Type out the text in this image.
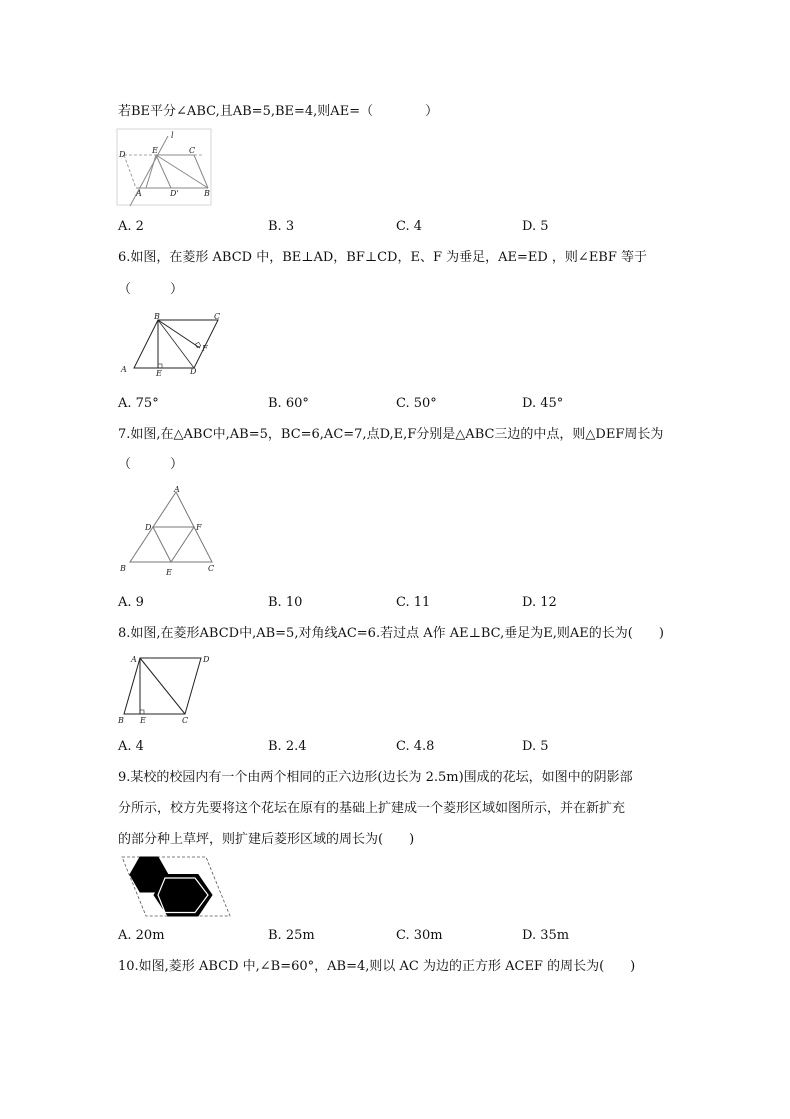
若BE平分∠ABC,且AB=5,BE=4,则AE=（　　　　）
D	E
l
C
A	D'	B
A. 2	B. 3	C. 4	D. 5
6.如图，在菱形 ABCD 中，BE⊥AD，BF⊥CD，E、F 为垂足，AE=ED ，则∠EBF 等于
（　　　）
B	C
F
A	E	D
A. 75°	B. 60°	C. 50°	D. 45°
7.如图,在△ABC中,AB=5，BC=6,AC=7,点D,E,F分别是△ABC三边的中点，则△DEF周长为
（　　　）
A
D	F
B	E	C
A. 9	B. 10	C. 11	D. 12
8.如图,在菱形ABCD中,AB=5,对角线AC=6.若过点 A作 AE⊥BC,垂足为E,则AE的长为(　　)
A	D
B E	C
A. 4	B. 2.4	C. 4.8	D. 5
9.某校的校园内有一个由两个相同的正六边形(边长为 2.5m)围成的花坛，如图中的阴影部
分所示，校方先要将这个花坛在原有的基础上扩建成一个菱形区域如图所示，并在新扩充
的部分种上草坪，则扩建后菱形区域的周长为(　　)
A. 20m	B. 25m	C. 30m	D. 35m
10.如图,菱形 ABCD 中,∠B=60°，AB=4,则以 AC 为边的正方形 ACEF 的周长为(　　)
